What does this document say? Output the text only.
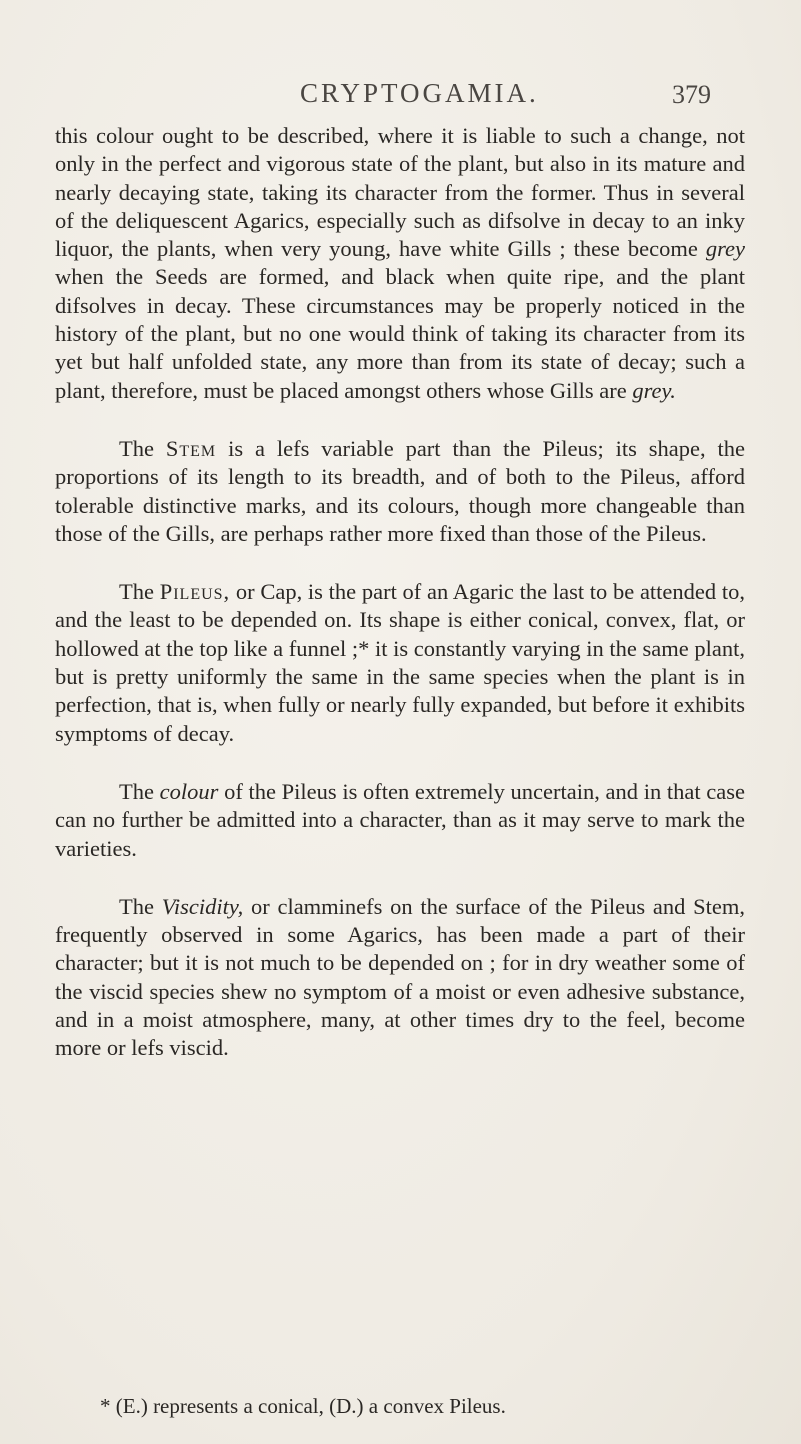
CRYPTOGAMIA.	379

this colour ought to be described, where it is liable to such a change, not only in the perfect and vigorous state of the plant, but also in its mature and nearly decaying state, taking its character from the former. Thus in several of the deliquescent Agarics, especially such as difsolve in decay to an inky liquor, the plants, when very young, have white Gills ; these become grey when the Seeds are formed, and black when quite ripe, and the plant difsolves in decay. These circumstances may be properly noticed in the history of the plant, but no one would think of taking its character from its yet but half unfolded state, any more than from its state of decay; such a plant, therefore, must be placed amongst others whose Gills are grey.

The Stem is a lefs variable part than the Pileus; its shape, the proportions of its length to its breadth, and of both to the Pileus, afford tolerable distinctive marks, and its colours, though more changeable than those of the Gills, are perhaps rather more fixed than those of the Pileus.

The Pileus, or Cap, is the part of an Agaric the last to be attended to, and the least to be depended on. Its shape is either conical, convex, flat, or hollowed at the top like a funnel ;* it is constantly varying in the same plant, but is pretty uniformly the same in the same species when the plant is in perfection, that is, when fully or nearly fully expanded, but before it exhibits symptoms of decay.

The colour of the Pileus is often extremely uncertain, and in that case can no further be admitted into a character, than as it may serve to mark the varieties.

The Viscidity, or clamminefs on the surface of the Pileus and Stem, frequently observed in some Agarics, has been made a part of their character; but it is not much to be depended on ; for in dry weather some of the viscid species shew no symptom of a moist or even adhesive substance, and in a moist atmosphere, many, at other times dry to the feel, become more or lefs viscid.

* (E.) represents a conical, (D.) a convex Pileus.
